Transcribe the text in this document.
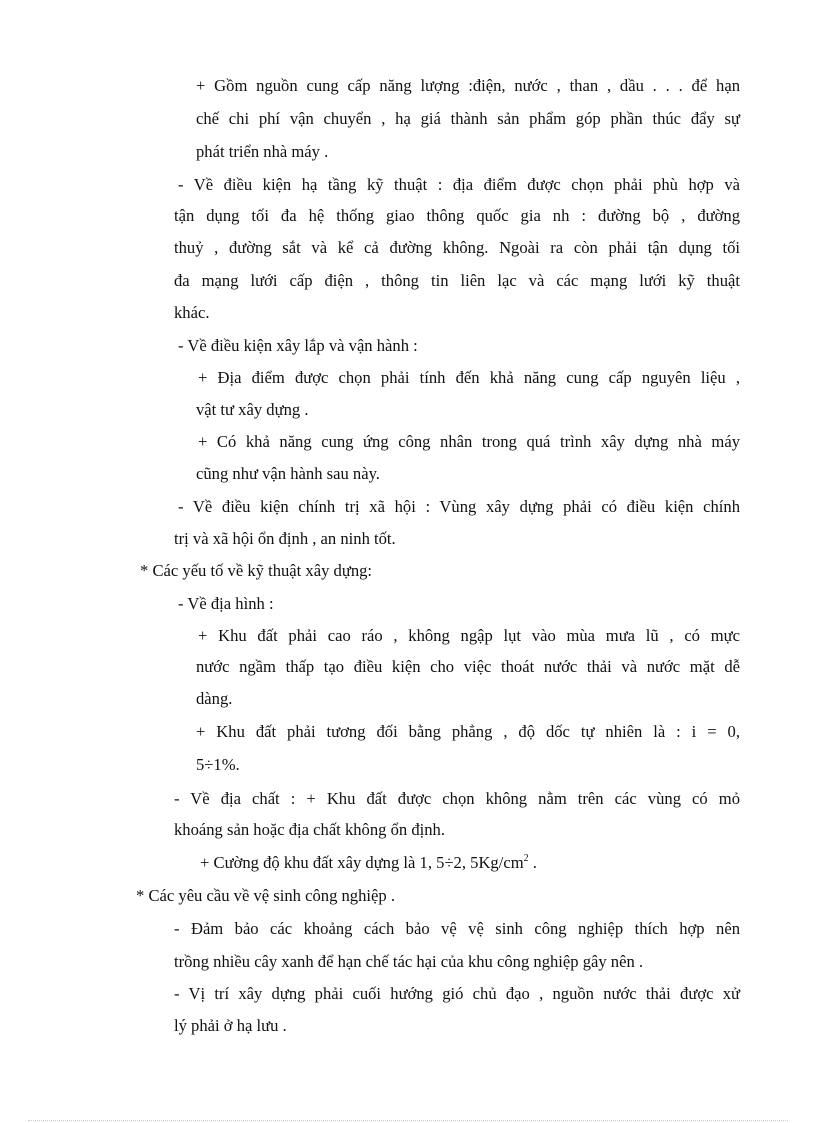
+ Gồm nguồn cung cấp năng lượng :điện, nước , than , dầu . . . để hạn
chế chi phí vận chuyển , hạ giá thành sản phẩm góp phần thúc đẩy sự
phát triển nhà máy .
- Về điều kiện hạ tầng kỹ thuật : địa điểm được chọn phải phù hợp và
tận dụng tối đa hệ thống giao thông quốc gia nh : đường bộ , đường
thuỷ , đường sắt và kể cả đường không. Ngoài ra còn phải tận dụng tối
đa mạng lưới cấp điện , thông tin liên lạc và các mạng lưới kỹ thuật
khác.
- Về điều kiện xây lắp và vận hành :
+ Địa điểm được chọn phải tính đến khả năng cung cấp nguyên liệu ,
vật tư xây dựng .
+ Có khả năng cung ứng công nhân trong quá trình xây dựng nhà máy
cũng như vận hành sau này.
- Về điều kiện chính trị xã hội : Vùng xây dựng phải có điều kiện chính
trị và xã hội ổn định , an ninh tốt.
* Các yếu tố về kỹ thuật xây dựng:
- Về địa hình :
+ Khu đất phải cao ráo , không ngập lụt vào mùa mưa lũ , có mực
nước ngầm thấp tạo điều kiện cho việc thoát nước thải và nước mặt dễ
dàng.
+ Khu đất phải tương đối bằng phẳng , độ dốc tự nhiên là : i = 0,
5÷1%.
- Về địa chất : + Khu đất được chọn không nằm trên các vùng có mỏ
khoáng sản hoặc địa chất không ổn định.
+ Cường độ khu đất xây dựng là 1, 5÷2, $5Kg/cm^2$ .
* Các yêu cầu về vệ sinh công nghiệp .
- Đảm bảo các khoảng cách bảo vệ vệ sinh công nghiệp thích hợp nên
trồng nhiều cây xanh để hạn chế tác hại của khu công nghiệp gây nên .
- Vị trí xây dựng phải cuối hướng gió chủ đạo , nguồn nước thải được xử
lý phải ở hạ lưu .
